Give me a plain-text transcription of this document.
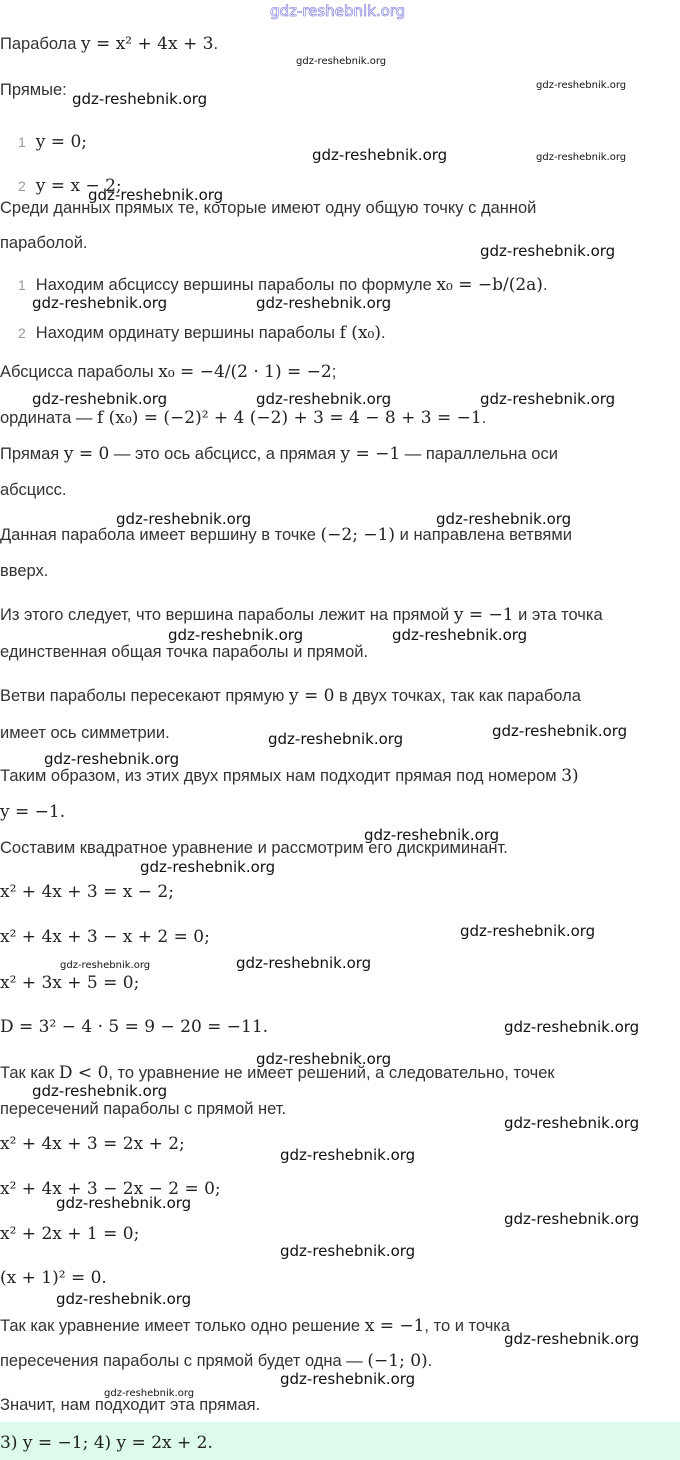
Парабола y = x² + 4x + 3.
Прямые:
1 y = 0;
2 y = x − 2;
Среди данных прямых те, которые имеют одну общую точку с данной
параболой.
1 Находим абсциссу вершины параболы по формуле x₀ = −b/(2a).
2 Находим ординату вершины параболы f (x₀).
Абсцисса параболы x₀ = −4/(2 · 1) = −2;
ордината — f (x₀) = (−2)² + 4 (−2) + 3 = 4 − 8 + 3 = −1.
Прямая y = 0 — это ось абсцисс, а прямая y = −1 — параллельна оси
абсцисс.
Данная парабола имеет вершину в точке (−2; −1) и направлена ветвями
вверх.
Из этого следует, что вершина параболы лежит на прямой y = −1 и эта точка
единственная общая точка параболы и прямой.
Ветви параболы пересекают прямую y = 0 в двух точках, так как парабола
имеет ось симметрии.
Таким образом, из этих двух прямых нам подходит прямая под номером 3)
y = −1.
Составим квадратное уравнение и рассмотрим его дискриминант.
x² + 4x + 3 = x − 2;
x² + 4x + 3 − x + 2 = 0;
x² + 3x + 5 = 0;
D = 3² − 4 · 5 = 9 − 20 = −11.
Так как D < 0, то уравнение не имеет решений, а следовательно, точек
пересечений параболы с прямой нет.
x² + 4x + 3 = 2x + 2;
x² + 4x + 3 − 2x − 2 = 0;
x² + 2x + 1 = 0;
(x + 1)² = 0.
Так как уравнение имеет только одно решение x = −1, то и точка
пересечения параболы с прямой будет одна — (−1; 0).
Значит, нам подходит эта прямая.
gdz-reshebnik.org
gdz-reshebnik.org
gdz-reshebnik.org
gdz-reshebnik.org
gdz-reshebnik.org
gdz-reshebnik.org
gdz-reshebnik.org
gdz-reshebnik.org
gdz-reshebnik.org
gdz-reshebnik.org
gdz-reshebnik.org	gdz-reshebnik.org
gdz-reshebnik.org	gdz-reshebnik.org	gdz-reshebnik.org
gdz-reshebnik.org	gdz-reshebnik.org
gdz-reshebnik.org	gdz-reshebnik.org
gdz-reshebnik.org	gdz-reshebnik.org
gdz-reshebnik.org
gdz-reshebnik.org
gdz-reshebnik.org
gdz-reshebnik.org
gdz-reshebnik.org
gdz-reshebnik.org
gdz-reshebnik.org
gdz-reshebnik.org
gdz-reshebnik.org
gdz-reshebnik.org
gdz-reshebnik.org
gdz-reshebnik.org
gdz-reshebnik.org
gdz-reshebnik.org
gdz-reshebnik.org
gdz-reshebnik.org
3) y = −1; 4) y = 2x + 2.
